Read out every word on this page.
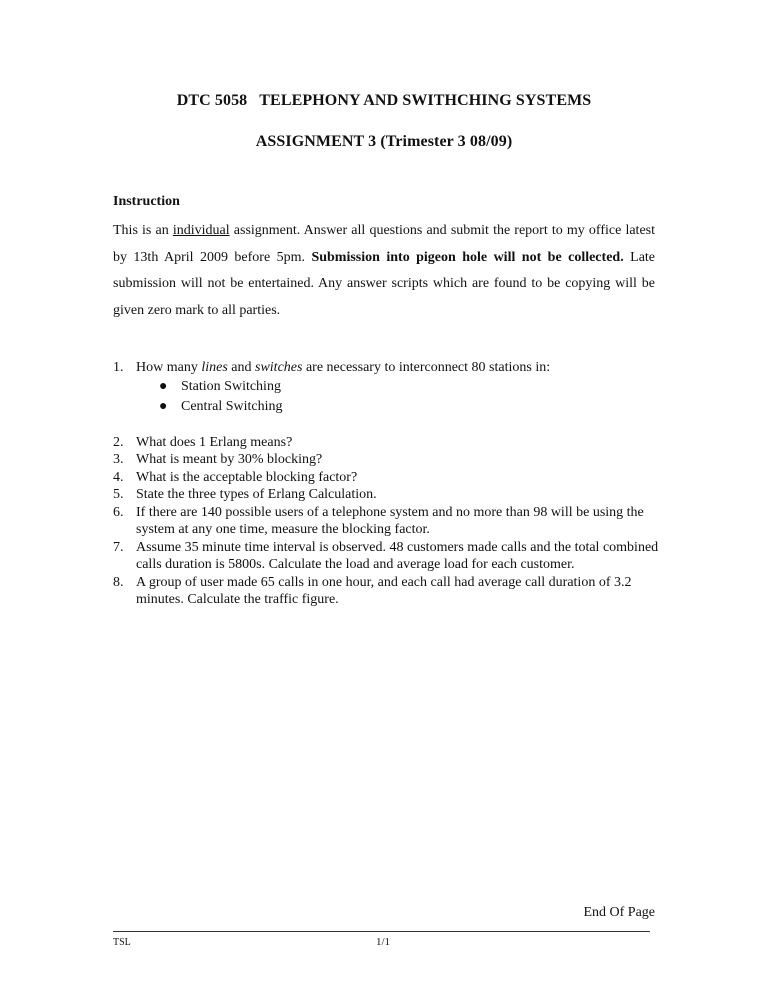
DTC 5058 TELEPHONY AND SWITHCHING SYSTEMS
ASSIGNMENT 3 (Trimester 3 08/09)
Instruction
This is an individual assignment. Answer all questions and submit the report to my office latest by 13th April 2009 before 5pm. Submission into pigeon hole will not be collected. Late submission will not be entertained. Any answer scripts which are found to be copying will be given zero mark to all parties.
1. How many lines and switches are necessary to interconnect 80 stations in:
● Station Switching
● Central Switching
2. What does 1 Erlang means?
3. What is meant by 30% blocking?
4. What is the acceptable blocking factor?
5. State the three types of Erlang Calculation.
6. If there are 140 possible users of a telephone system and no more than 98 will be using the system at any one time, measure the blocking factor.
7. Assume 35 minute time interval is observed. 48 customers made calls and the total combined calls duration is 5800s. Calculate the load and average load for each customer.
8. A group of user made 65 calls in one hour, and each call had average call duration of 3.2 minutes. Calculate the traffic figure.
End Of Page
TSL	1/1
